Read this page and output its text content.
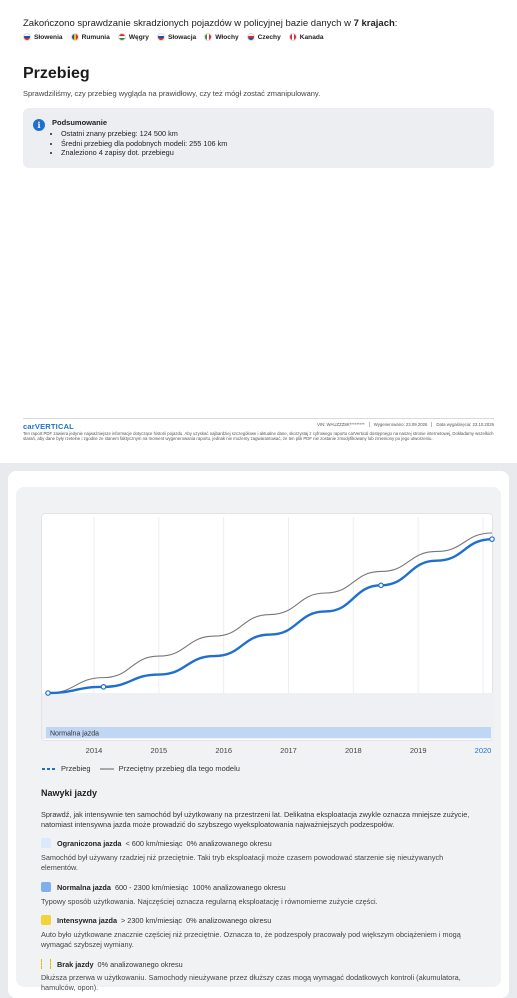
Zakończono sprawdzanie skradzionych pojazdów w policyjnej bazie danych w 7 krajach:
Słowenia	Rumunia	Węgry	Słowacja	Włochy	Czechy	Kanada
Przebieg
Sprawdziliśmy, czy przebieg wygląda na prawidłowy, czy też mógł zostać zmanipulowany.
i	Podsumowanie
• Ostatni znany przebieg: 124 500 km
• Średni przebieg dla podobnych modeli: 255 106 km
• Znaleziono 4 zapisy dot. przebiegu
carVERTICAL	VIN: WAUZZZ8K*********	Wygenerowano: 23.09.2026	Data wygaśnięcia: 23.10.2026
Ten raport PDF zawiera jedynie najważniejsze informacje dotyczące historii pojazdu. Aby uzyskać najbardziej szczegółowe i aktualne dane, skorzystaj z cyfrowego raportu carVertical dostępnego na naszej stronie internetowej. Dokładamy wszelkich starań, aby dane były rzetelne i zgodne ze stanem faktycznym na moment wygenerowania raportu, jednak nie możemy zagwarantować, że ten plik PDF nie zostanie zmodyfikowany lub zmieniony po jego utworzeniu.
Normalna jazda
2014	2015	2016	2017	2018	2019	2020
Przebieg	Przeciętny przebieg dla tego modelu
Nawyki jazdy
Sprawdź, jak intensywnie ten samochód był użytkowany na przestrzeni lat. Delikatna eksploatacja zwykle oznacza mniejsze zużycie, natomiast intensywna jazda może prowadzić do szybszego wyeksploatowania najważniejszych podzespołów.
Ograniczona jazda < 600 km/miesiąc 0% analizowanego okresu
Samochód był używany rzadziej niż przeciętnie. Taki tryb eksploatacji może czasem powodować starzenie się nieużywanych elementów.
Normalna jazda 600 - 2300 km/miesiąc 100% analizowanego okresu
Typowy sposób użytkowania. Najczęściej oznacza regularną eksploatację i równomierne zużycie części.
Intensywna jazda > 2300 km/miesiąc 0% analizowanego okresu
Auto było użytkowane znacznie częściej niż przeciętnie. Oznacza to, że podzespoły pracowały pod większym obciążeniem i mogą wymagać szybszej wymiany.
Brak jazdy 0% analizowanego okresu
Dłuższa przerwa w użytkowaniu. Samochody nieużywane przez dłuższy czas mogą wymagać dodatkowych kontroli (akumulatora, hamulców, opon).
